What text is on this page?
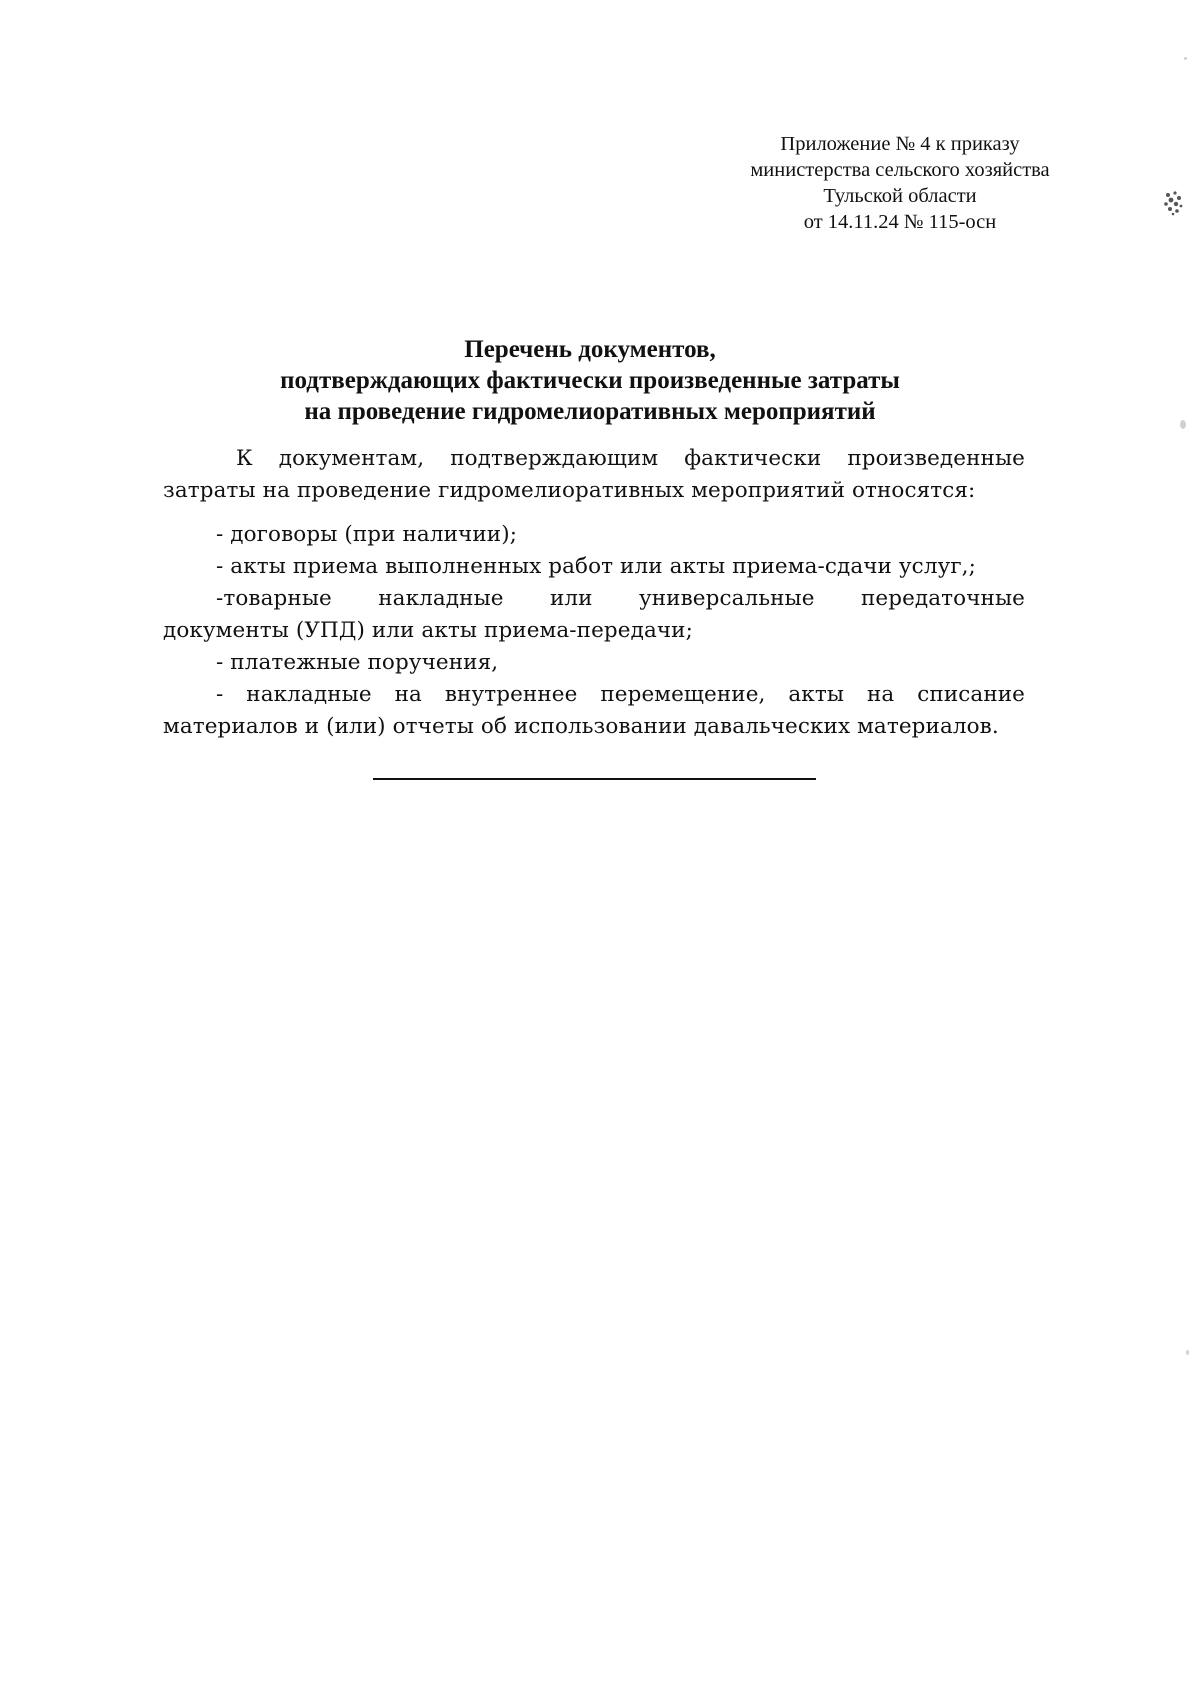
Приложение № 4 к приказу
министерства сельского хозяйства
Тульской области
от 14.11.24 № 115-осн
Перечень документов,
подтверждающих фактически произведенные затраты
на проведение гидромелиоративных мероприятий

К документам, подтверждающим фактически произведенные затраты на проведение гидромелиоративных мероприятий относятся:

- договоры (при наличии);

- акты приема выполненных работ или акты приема-сдачи услуг,;

-товарные накладные или универсальные передаточные

документы (УПД) или акты приема-передачи;

- платежные поручения,

- накладные на внутреннее перемещение, акты на списание материалов и (или) отчеты об использовании давальческих материалов.
